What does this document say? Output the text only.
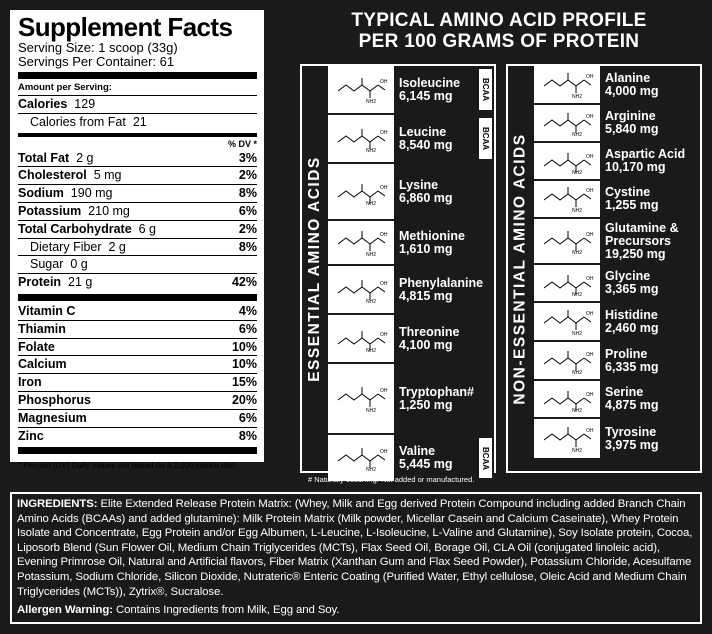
Supplement Facts
Serving Size: 1 scoop (33g)
Servings Per Container: 61
Amount per Serving:
Calories 129
Calories from Fat 21
% DV *
Total Fat 2 g	3%
Cholesterol 5 mg	2%
Sodium 190 mg	8%
Potassium 210 mg	6%
Total Carbohydrate 6 g	2%
Dietary Fiber 2 g	8%
Sugar 0 g
Protein 21 g	42%
Vitamin C	4%
Thiamin	6%
Folate	10%
Calcium	10%
Iron	15%
Phosphorus	20%
Magnesium	6%
Zinc	8%
* Percent (DV) Daily Values are based on a 2,000 calorie diet.
TYPICAL AMINO ACID PROFILE
PER 100 GRAMS OF PROTEIN
ESSENTIAL AMINO ACIDS
NH2
OH Isoleucine
6,145 mg	BCAA
NH2
OH Leucine
8,540 mg	BCAA
NH2
OH Lysine
6,860 mg
NH2
OH Methionine
1,610 mg
NH2
OH Phenylalanine
4,815 mg
NH2
OH Threonine
4,100 mg
NH2
OH Tryptophan#
1,250 mg
NH2
OH Valine
5,445 mg	BCAA
NON-ESSENTIAL AMINO ACIDS
NH2
OH Alanine
4,000 mg
NH2
OH Arginine
5,840 mg
NH2
OH Aspartic Acid
10,170 mg
NH2
OH Cystine
1,255 mg
NH2
OH
Glutamine & Precursors
19,250 mg
NH2
OH Glycine
3,365 mg
NH2
OH Histidine
2,460 mg
NH2
OH Proline
6,335 mg
NH2
OH Serine
4,875 mg
NH2
OH Tyrosine
3,975 mg
# Naturally occurring. Not added or manufactured.

INGREDIENTS: Elite Extended Release Protein Matrix: (Whey, Milk and Egg derived Protein Compound including added Branch Chain Amino Acids (BCAAs) and added glutamine): Milk Protein Matrix (Milk powder, Micellar Casein and Calcium Caseinate), Whey Protein Isolate and Concentrate, Egg Protein and/or Egg Albumen, L-Leucine, L-Isoleucine, L-Valine and Glutamine), Soy Isolate protein, Cocoa, Liposorb Blend (Sun Flower Oil, Medium Chain Triglycerides (MCTs), Flax Seed Oil, Borage Oil, CLA Oil (conjugated linoleic acid), Evening Primrose Oil, Natural and Artificial flavors, Fiber Matrix (Xanthan Gum and Flax Seed Powder), Potassium Chloride, Acesulfame Potassium, Sodium Chloride, Silicon Dioxide, Nutrateric® Enteric Coating (Purified Water, Ethyl cellulose, Oleic Acid and Medium Chain Triglycerides (MCTs)), Zytrix®, Sucralose.

Allergen Warning: Contains Ingredients from Milk, Egg and Soy.
